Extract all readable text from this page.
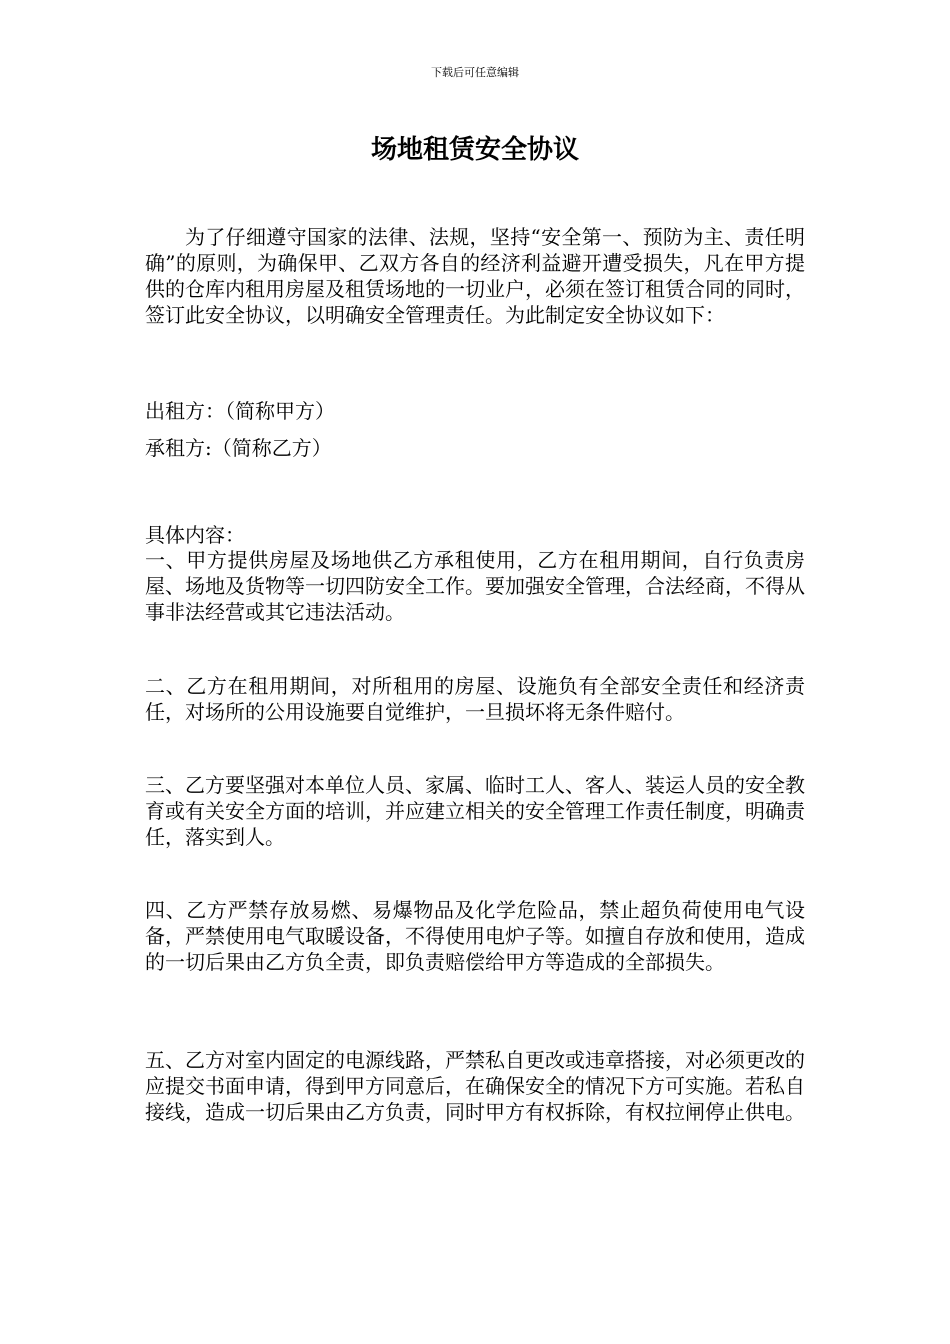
下载后可任意编辑
场地租赁安全协议

为了仔细遵守国家的法律、法规，坚持“安全第一、预防为主、责任明确”的原则，为确保甲、乙双方各自的经济利益避开遭受损失，凡在甲方提供的仓库内租用房屋及租赁场地的一切业户，必须在签订租赁合同的同时，签订此安全协议，以明确安全管理责任。为此制定安全协议如下：

出租方：（简称甲方）

承租方:（简称乙方）

具体内容：

一、甲方提供房屋及场地供乙方承租使用，乙方在租用期间，自行负责房屋、场地及货物等一切四防安全工作。要加强安全管理，合法经商，不得从事非法经营或其它违法活动。

二、乙方在租用期间，对所租用的房屋、设施负有全部安全责任和经济责任，对场所的公用设施要自觉维护，一旦损坏将无条件赔付。

三、乙方要坚强对本单位人员、家属、临时工人、客人、装运人员的安全教育或有关安全方面的培训，并应建立相关的安全管理工作责任制度，明确责任，落实到人。

四、乙方严禁存放易燃、易爆物品及化学危险品，禁止超负荷使用电气设备，严禁使用电气取暖设备，不得使用电炉子等。如擅自存放和使用，造成的一切后果由乙方负全责，即负责赔偿给甲方等造成的全部损失。

五、乙方对室内固定的电源线路，严禁私自更改或违章搭接，对必须更改的应提交书面申请，得到甲方同意后，在确保安全的情况下方可实施。若私自接线，造成一切后果由乙方负责，同时甲方有权拆除，有权拉闸停止供电。
